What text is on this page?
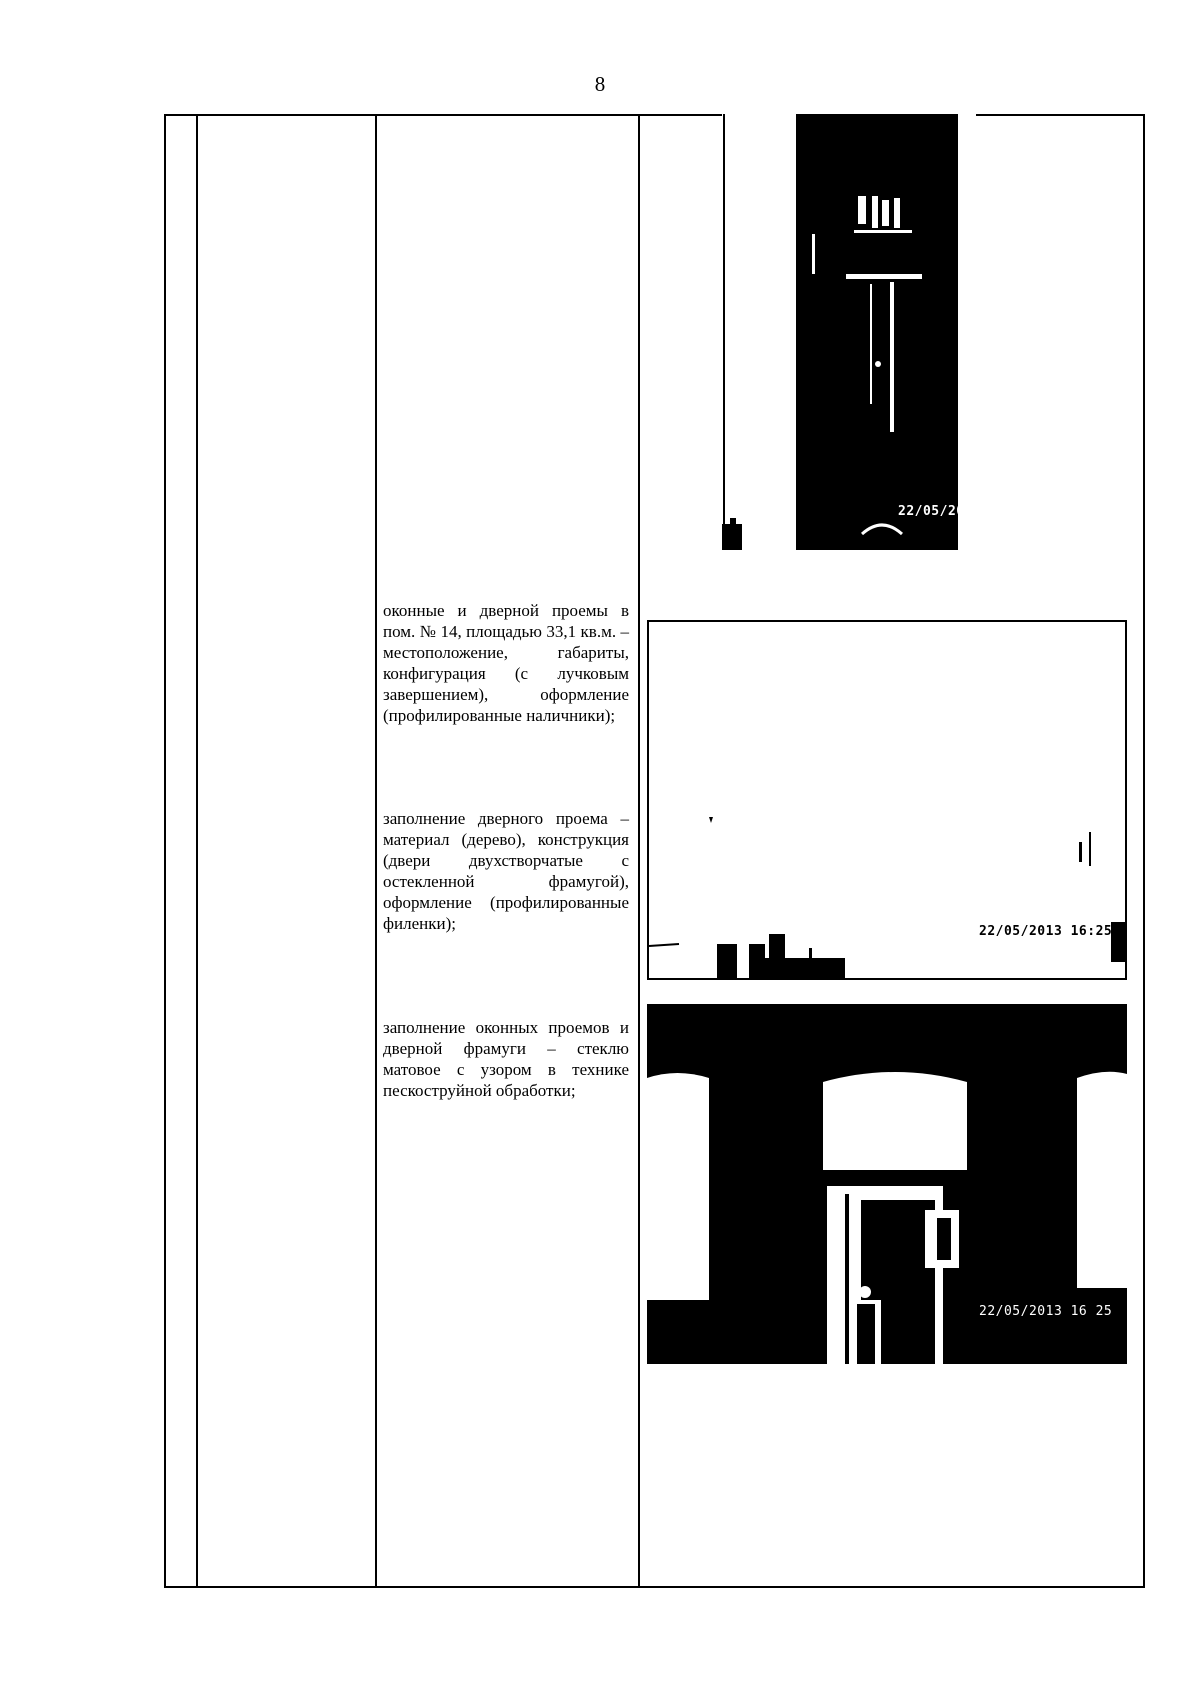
8

оконные и дверной проемы в пом. № 14, площадью 33,1 кв.м. – местоположение, габариты, конфигурация (с лучковым завершением), оформление (профилированные наличники);

заполнение дверного проема – материал (дерево), конструкция (двери двухстворчатые с остекленной фрамугой), оформление (профилированные филенки);

заполнение оконных проемов и дверной фрамуги – стеклю матовое с узором в технике пескоструйной обработки;

22/05/2013 16:24
22/05/2013 16:25
22/05/2013 16 25
